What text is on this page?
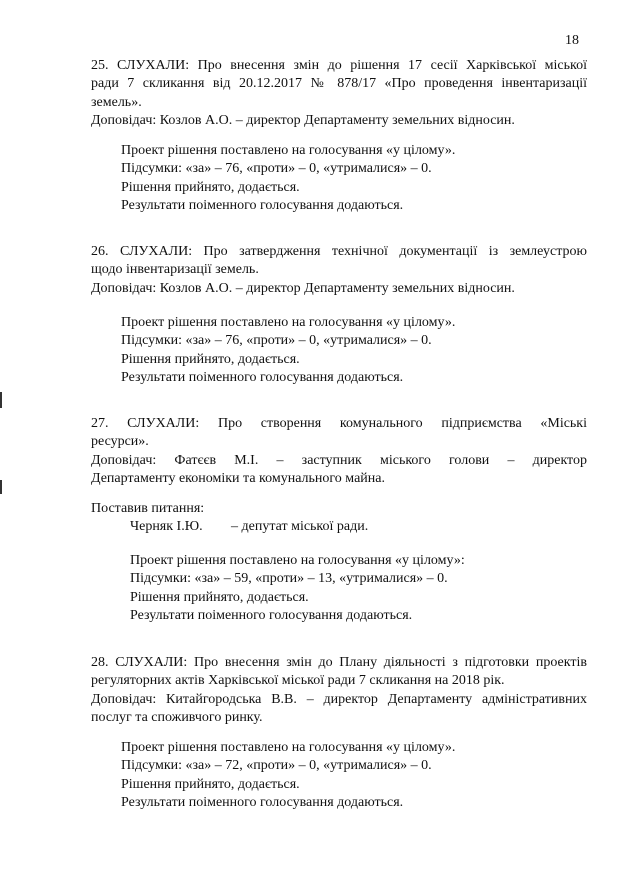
18
25. СЛУХАЛИ: Про внесення змін до рішення 17 сесії Харківської міської
ради 7 скликання від 20.12.2017 № 878/17 «Про проведення інвентаризації
земель».
Доповідач: Козлов А.О. – директор Департаменту земельних відносин.
Проект рішення поставлено на голосування «у цілому».
Підсумки: «за» – 76, «проти» – 0, «утрималися» – 0.
Рішення прийнято, додається.
Результати поіменного голосування додаються.
26. СЛУХАЛИ: Про затвердження технічної документації із землеустрою
щодо інвентаризації земель.
Доповідач: Козлов А.О. – директор Департаменту земельних відносин.
Проект рішення поставлено на голосування «у цілому».
Підсумки: «за» – 76, «проти» – 0, «утрималися» – 0.
Рішення прийнято, додається.
Результати поіменного голосування додаються.
27. СЛУХАЛИ: Про створення комунального підприємства «Міські
ресурси».
Доповідач: Фатєєв М.І. – заступник міського голови – директор
Департаменту економіки та комунального майна.
Поставив питання:
Черняк І.Ю. – депутат міської ради.
Проект рішення поставлено на голосування «у цілому»:
Підсумки: «за» – 59, «проти» – 13, «утрималися» – 0.
Рішення прийнято, додається.
Результати поіменного голосування додаються.
28. СЛУХАЛИ: Про внесення змін до Плану діяльності з підготовки проектів
регуляторних актів Харківської міської ради 7 скликання на 2018 рік.
Доповідач: Китайгородська В.В. – директор Департаменту адміністративних
послуг та споживчого ринку.
Проект рішення поставлено на голосування «у цілому».
Підсумки: «за» – 72, «проти» – 0, «утрималися» – 0.
Рішення прийнято, додається.
Результати поіменного голосування додаються.
